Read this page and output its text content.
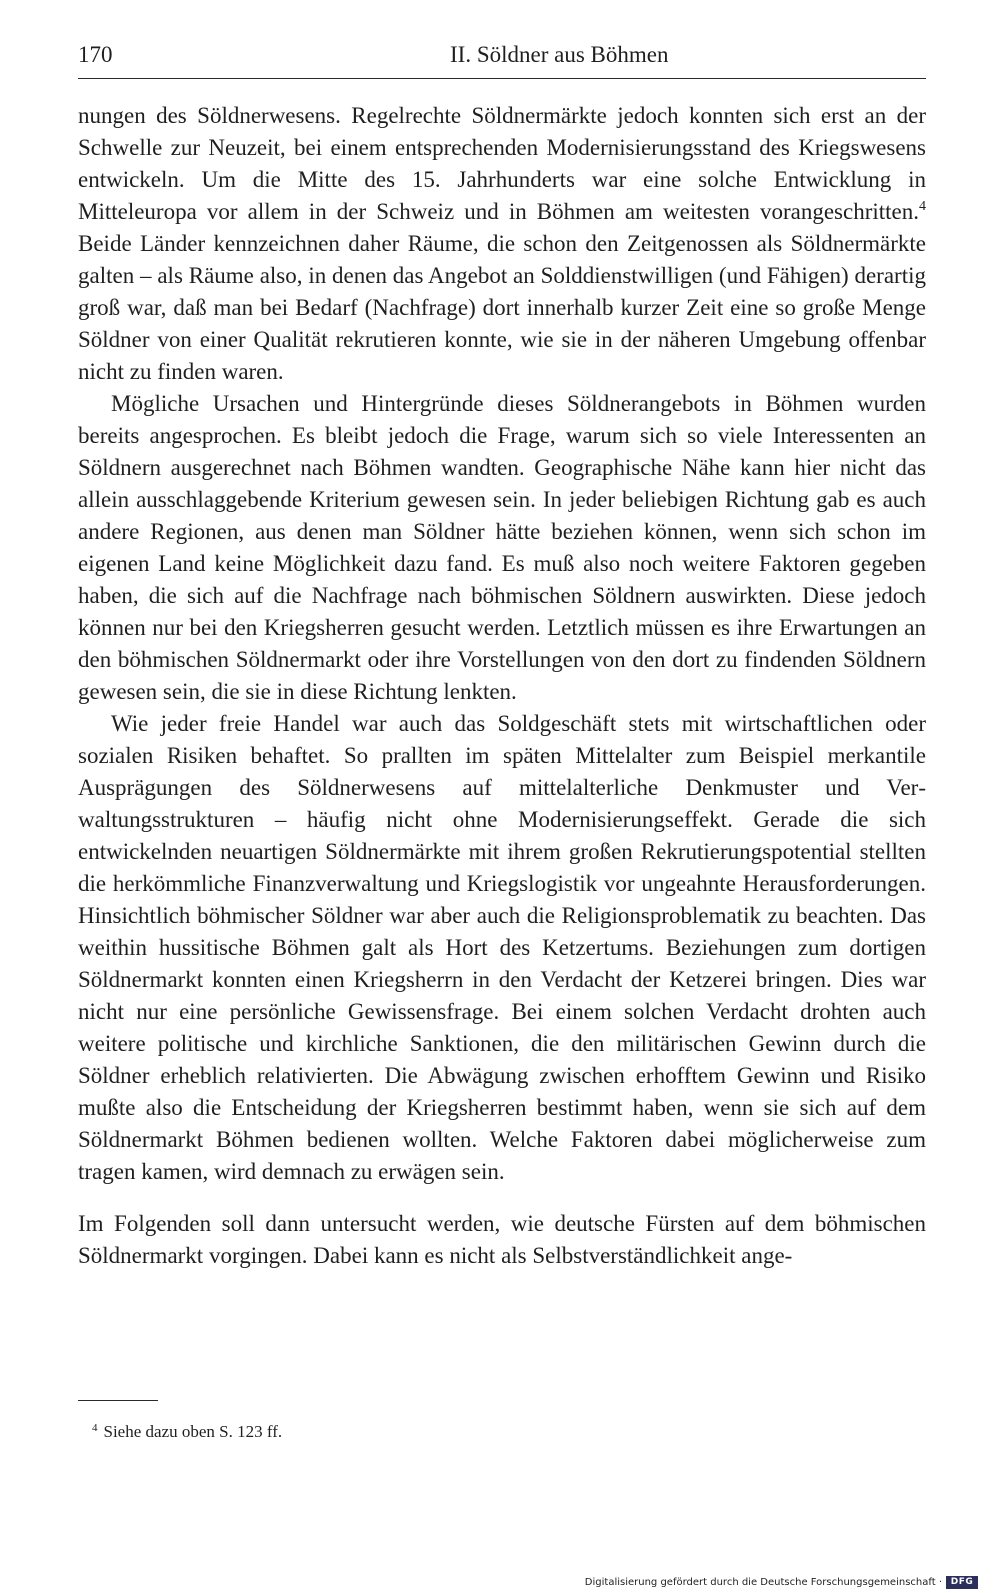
170	II. Söldner aus Böhmen

nungen des Söldnerwesens. Regelrechte Söldnermärkte jedoch konnten sich erst an der Schwelle zur Neuzeit, bei einem entsprechenden Modernisierungsstand des Kriegswesens entwickeln. Um die Mitte des 15. Jahrhunderts war eine solche Entwicklung in Mitteleuropa vor allem in der Schweiz und in Böhmen am weitesten vorangeschritten.$^4$ Beide Länder kennzeichnen daher Räume, die schon den Zeitgenossen als Söldnermärkte galten – als Räume also, in denen das Angebot an Solddienstwilligen (und Fähigen) derartig groß war, daß man bei Bedarf (Nachfrage) dort innerhalb kurzer Zeit eine so große Menge Söldner von einer Qualität rekrutieren konnte, wie sie in der näheren Umgebung offenbar nicht zu finden waren.

Mögliche Ursachen und Hintergründe dieses Söldnerangebots in Böhmen wurden bereits angesprochen. Es bleibt jedoch die Frage, warum sich so viele Interessenten an Söldnern ausgerechnet nach Böhmen wandten. Geographische Nähe kann hier nicht das allein ausschlaggebende Kriterium gewesen sein. In jeder beliebigen Richtung gab es auch andere Regionen, aus denen man Söldner hätte beziehen können, wenn sich schon im eigenen Land keine Möglichkeit dazu fand. Es muß also noch weitere Faktoren gegeben haben, die sich auf die Nachfrage nach böhmischen Söldnern auswirkten. Diese jedoch können nur bei den Kriegsherren gesucht werden. Letztlich müssen es ihre Erwartungen an den böhmischen Söldnermarkt oder ihre Vorstellungen von den dort zu findenden Söldnern gewesen sein, die sie in diese Richtung lenkten.

Wie jeder freie Handel war auch das Soldgeschäft stets mit wirtschaftlichen oder sozialen Risiken behaftet. So prallten im späten Mittelalter zum Beispiel merkantile Ausprägungen des Söldnerwesens auf mittelalterliche Denkmuster und Verwaltungsstrukturen – häufig nicht ohne Modernisierungseffekt. Gerade die sich entwickelnden neuartigen Söldnermärkte mit ihrem großen Rekrutierungspotential stellten die herkömmliche Finanzverwaltung und Kriegslogistik vor ungeahnte Herausforderungen. Hinsichtlich böhmischer Söldner war aber auch die Religionsproblematik zu beachten. Das weithin hussitische Böhmen galt als Hort des Ketzertums. Beziehungen zum dortigen Söldnermarkt konnten einen Kriegsherrn in den Verdacht der Ketzerei bringen. Dies war nicht nur eine persönliche Gewissensfrage. Bei einem solchen Verdacht drohten auch weitere politische und kirchliche Sanktionen, die den militärischen Gewinn durch die Söldner erheblich relativierten. Die Abwägung zwischen erhofftem Gewinn und Risiko mußte also die Entscheidung der Kriegsherren bestimmt haben, wenn sie sich auf dem Söldnermarkt Böhmen bedienen wollten. Welche Faktoren dabei möglicherweise zum tragen kamen, wird demnach zu erwägen sein.

Im Folgenden soll dann untersucht werden, wie deutsche Fürsten auf dem böhmischen Söldnermarkt vorgingen. Dabei kann es nicht als Selbstverständlichkeit ange-

$^4$ Siehe dazu oben S. 123 ff.
Digitalisierung gefördert durch die Deutsche Forschungsgemeinschaft · DFG
